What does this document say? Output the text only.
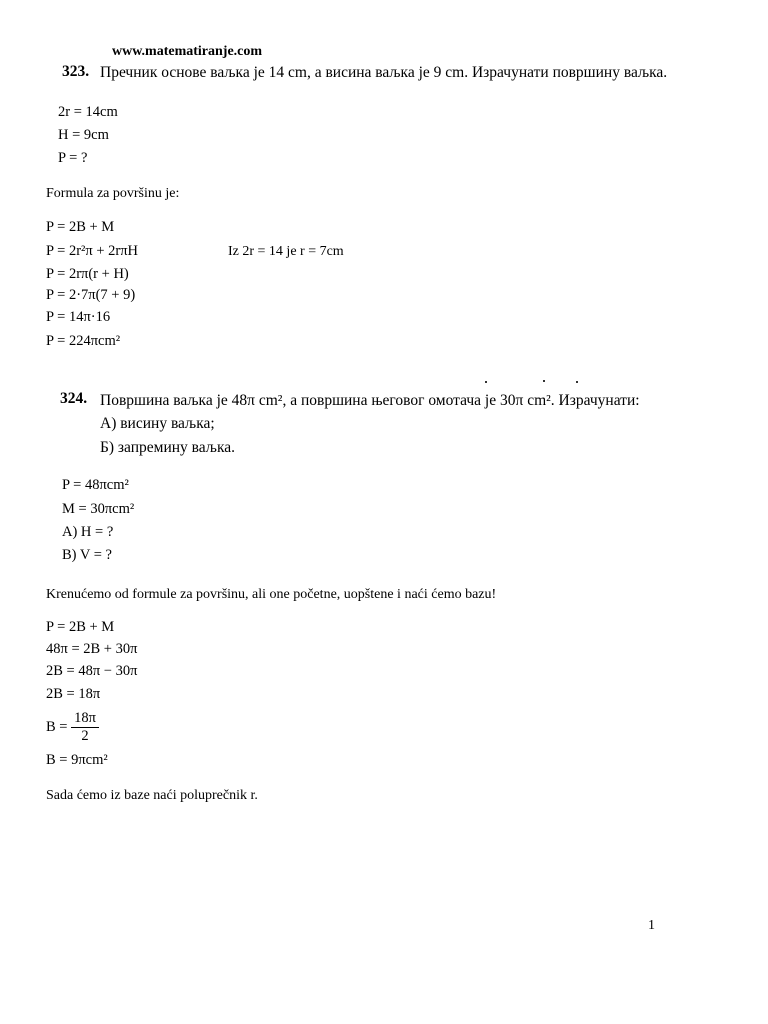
www.matematiranje.com
323. Пречник основе ваљка је 14 cm, а висина ваљка је 9 cm. Израчунати површину ваљка.
2r = 14cm
H = 9cm
P = ?
Formula za površinu je:
P = 2B + M
P = 2r²π + 2rπH	Iz 2r = 14 je r = 7cm
P = 2rπ(r + H)
P = 2·7π(7 + 9)
P = 14π·16
P = 224πcm²
324. Површина ваљка је 48π cm², а површина његовог омотача је 30π cm². Израчунати:
А) висину ваљка;
Б) запремину ваљка.
P = 48πcm²
M = 30πcm²
A) H = ?
B) V = ?
Krenućemo od formule za površinu, ali one početne, uopštene i naći ćemo bazu!
P = 2B + M
48π = 2B + 30π
2B = 48π − 30π
2B = 18π
$B = \frac{18\pi}{2}$
B = 9πcm²
Sada ćemo iz baze naći poluprečnik r.
1
